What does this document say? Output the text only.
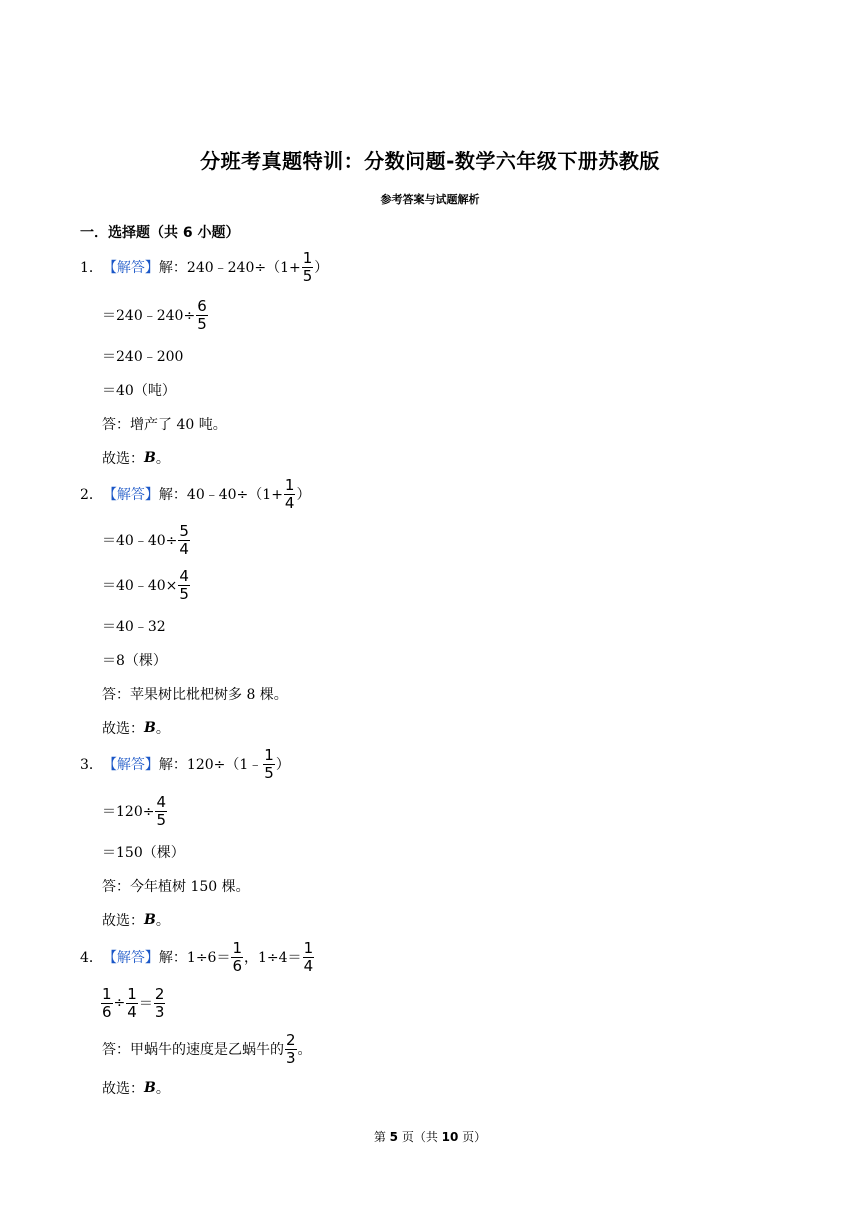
分班考真题特训：分数问题-数学六年级下册苏教版
参考答案与试题解析
一．选择题（共 6 小题）
1． 【解答】 解：240﹣240÷（1+ $\frac{1}{5}$ ）
＝240﹣240÷ $\frac{6}{5}$
＝240﹣200
＝40（吨）
答：增产了 40 吨。
故选： B 。
2． 【解答】 解：40﹣40÷（1+ $\frac{1}{4}$ ）
＝40﹣40÷ $\frac{5}{4}$
＝40﹣40× $\frac{4}{5}$
＝40﹣32
＝8（棵）
答：苹果树比枇杷树多 8 棵。
故选： B 。
3． 【解答】 解：120÷（1﹣ $\frac{1}{5}$ ）
$=120\div \frac{4}{5}$
＝150（棵）
答：今年植树 150 棵。
故选： B 。
4． 【解答】 解：$1\div 6= \frac{1}{6}$ ，$1\div 4= \frac{1}{4}$
$\frac{1}{6} \div \frac{1}{4} = \frac{2}{3}$
答：甲蜗牛的速度是乙蜗牛的 $\frac{2}{3}$ 。
故选： B 。
第 5 页（共 10 页）
